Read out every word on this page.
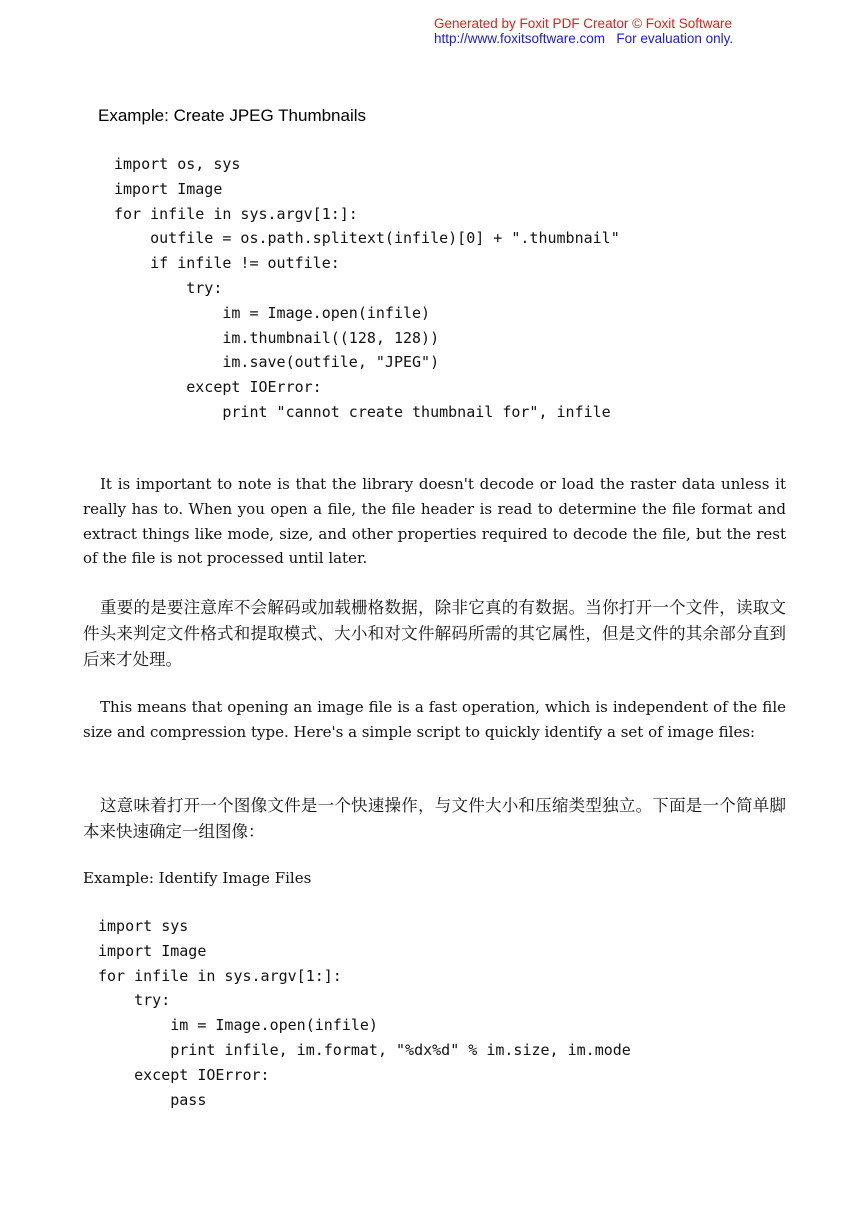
Generated by Foxit PDF Creator © Foxit Software
http://www.foxitsoftware.com For evaluation only.
Example: Create JPEG Thumbnails
import os, sys
import Image
for infile in sys.argv[1:]:
outfile = os.path.splitext(infile)[0] + ".thumbnail"
if infile != outfile:
try:
im = Image.open(infile)
im.thumbnail((128, 128))
im.save(outfile, "JPEG")
except IOError:
print "cannot create thumbnail for", infile

It is important to note is that the library doesn't decode or load the raster data unless it really has to. When you open a file, the file header is read to determine the file format and extract things like mode, size, and other properties required to decode the file, but the rest of the file is not processed until later.

重要的是要注意库不会解码或加载栅格数据，除非它真的有数据。当你打开一个文件，读取文件头来判定文件格式和提取模式、大小和对文件解码所需的其它属性，但是文件的其余部分直到后来才处理。

This means that opening an image file is a fast operation, which is independent of the file size and compression type. Here's a simple script to quickly identify a set of image files:

这意味着打开一个图像文件是一个快速操作，与文件大小和压缩类型独立。下面是一个简单脚本来快速确定一组图像：

Example: Identify Image Files
import sys
import Image
for infile in sys.argv[1:]:
try:
im = Image.open(infile)
print infile, im.format, "%dx%d" % im.size, im.mode
except IOError:
pass
